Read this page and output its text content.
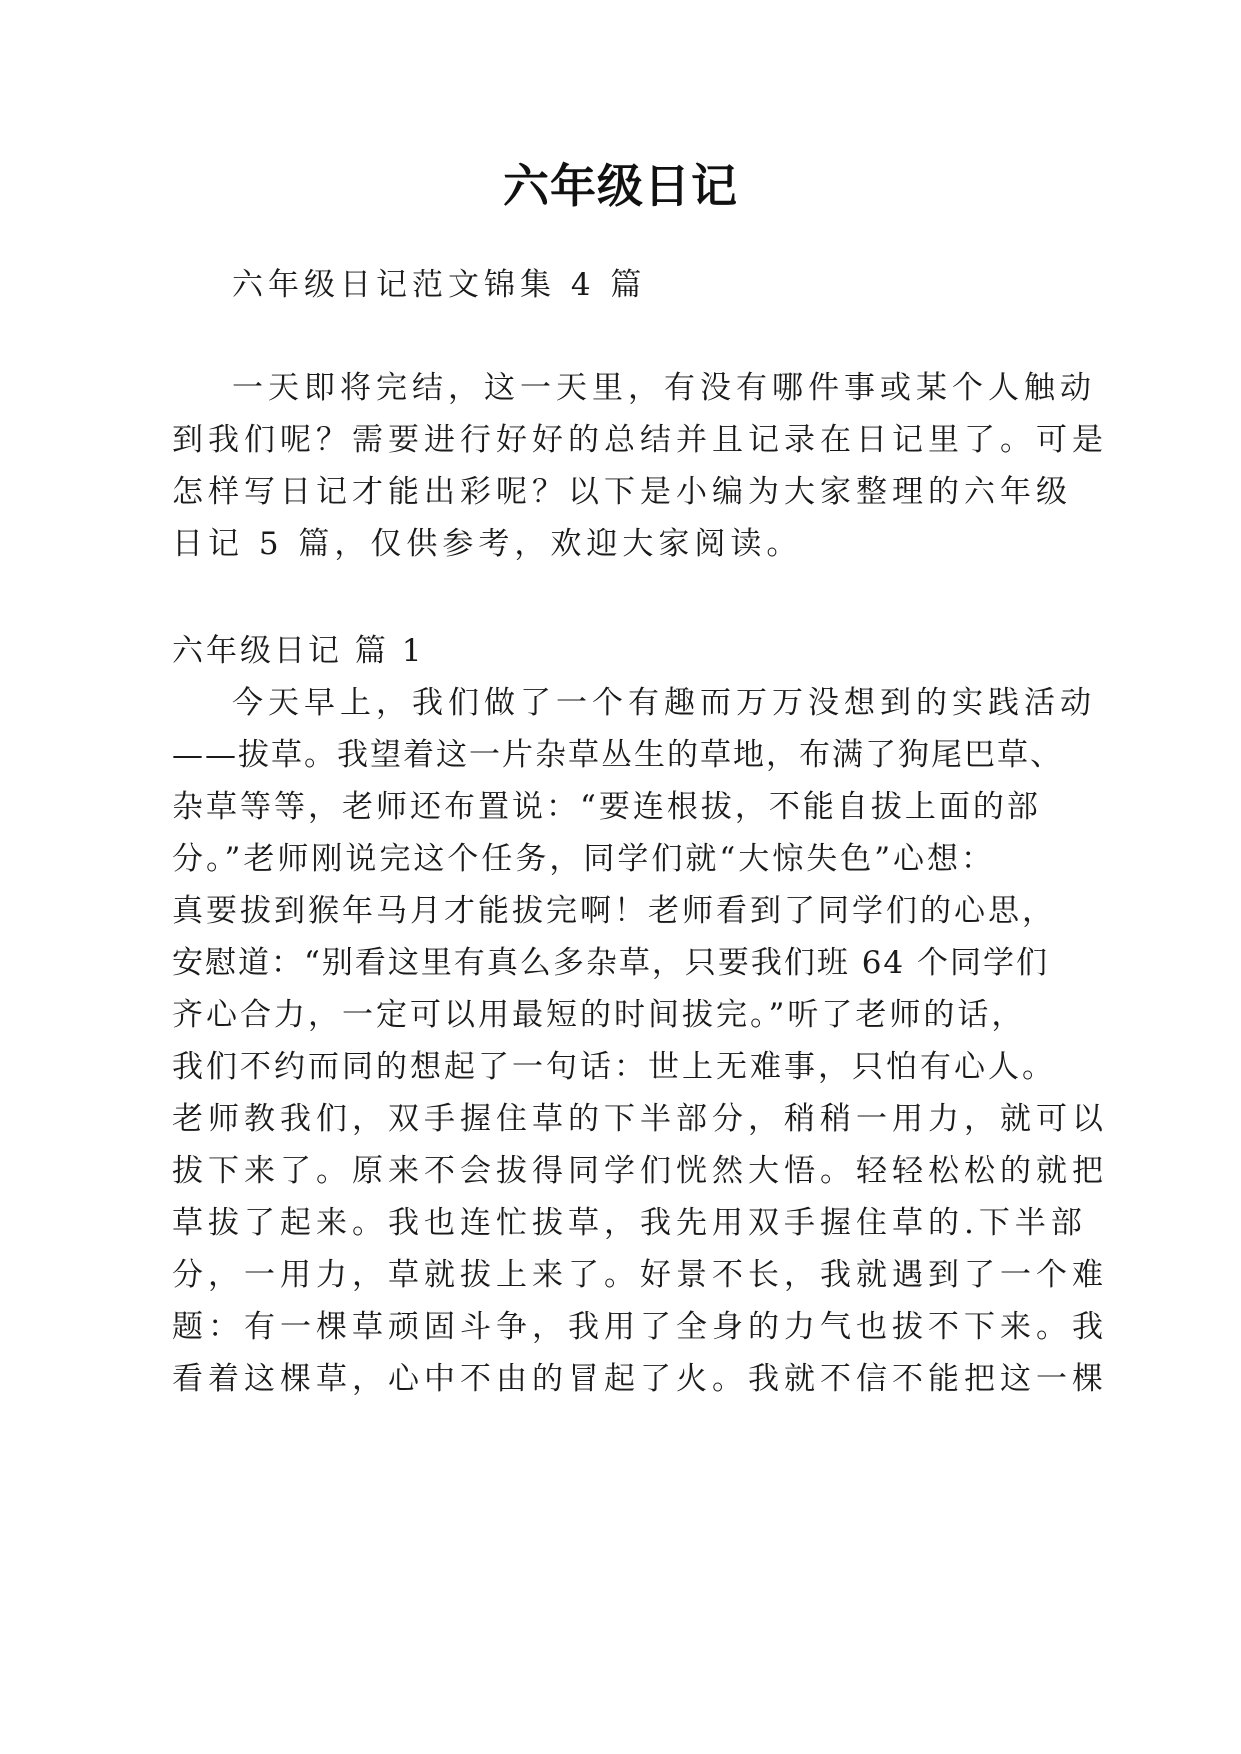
六年级日记
六年级日记范文锦集 4 篇
一天即将完结，这一天里，有没有哪件事或某个人触动
到我们呢？需要进行好好的总结并且记录在日记里了。可是
怎样写日记才能出彩呢？以下是小编为大家整理的六年级
日记 5 篇，仅供参考，欢迎大家阅读。
六年级日记 篇 1
今天早上，我们做了一个有趣而万万没想到的实践活动
——拔草。我望着这一片杂草丛生的草地，布满了狗尾巴草、
杂草等等，老师还布置说：“要连根拔，不能自拔上面的部
分。”老师刚说完这个任务，同学们就“大惊失色”心想：
真要拔到猴年马月才能拔完啊！老师看到了同学们的心思，
安慰道：“别看这里有真么多杂草，只要我们班 64 个同学们
齐心合力，一定可以用最短的时间拔完。”听了老师的话，
我们不约而同的想起了一句话：世上无难事，只怕有心人。
老师教我们，双手握住草的下半部分，稍稍一用力，就可以
拔下来了。原来不会拔得同学们恍然大悟。轻轻松松的就把
草拔了起来。我也连忙拔草，我先用双手握住草的.下半部
分，一用力，草就拔上来了。好景不长，我就遇到了一个难
题：有一棵草顽固斗争，我用了全身的力气也拔不下来。我
看着这棵草，心中不由的冒起了火。我就不信不能把这一棵
